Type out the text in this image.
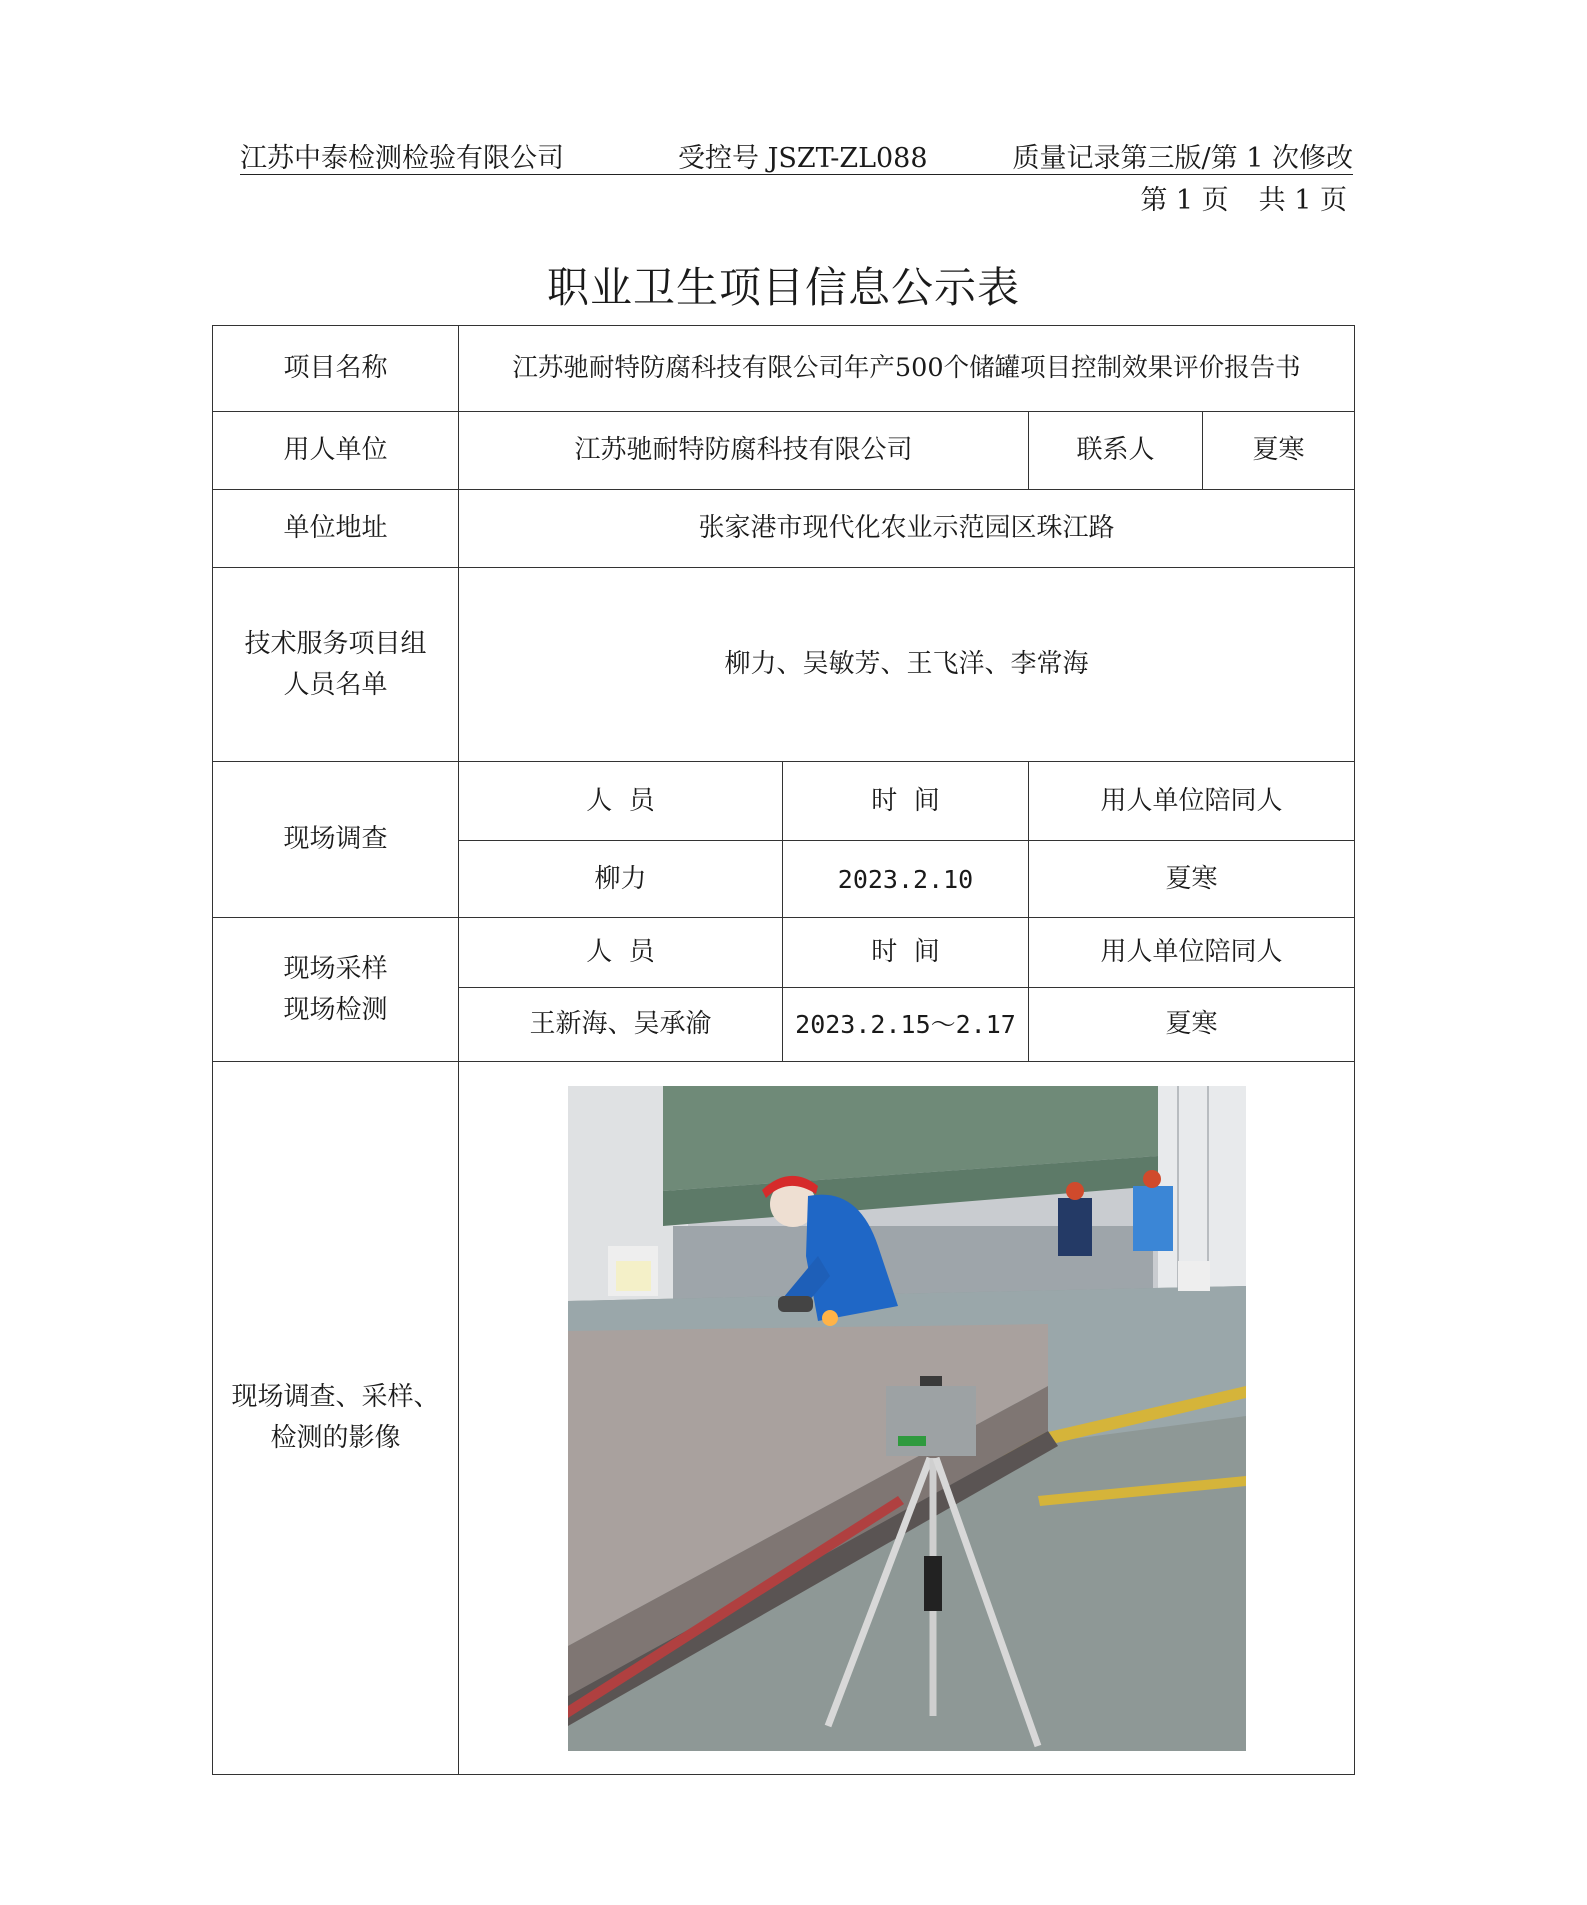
江苏中泰检测检验有限公司	受控号 JSZT-ZL088	质量记录第三版/第 1 次修改
第 1 页 共 1 页
职业卫生项目信息公示表
项目名称	江苏驰耐特防腐科技有限公司年产500个储罐项目控制效果评价报告书			
用人单位	江苏驰耐特防腐科技有限公司		联系人	夏寒
单位地址	张家港市现代化农业示范园区珠江路			

技术服务项目组
人员名单	柳力、吴敏芳、王飞洋、李常海			
现场调查	人  员	时  间	用人单位陪同人	
	柳力	2023.2.10	夏寒	

现场采样
现场检测	人  员	时  间	用人单位陪同人	
	王新海、吴承渝	2023.2.15～2.17	夏寒	

现场调查、采样、
检测的影像
